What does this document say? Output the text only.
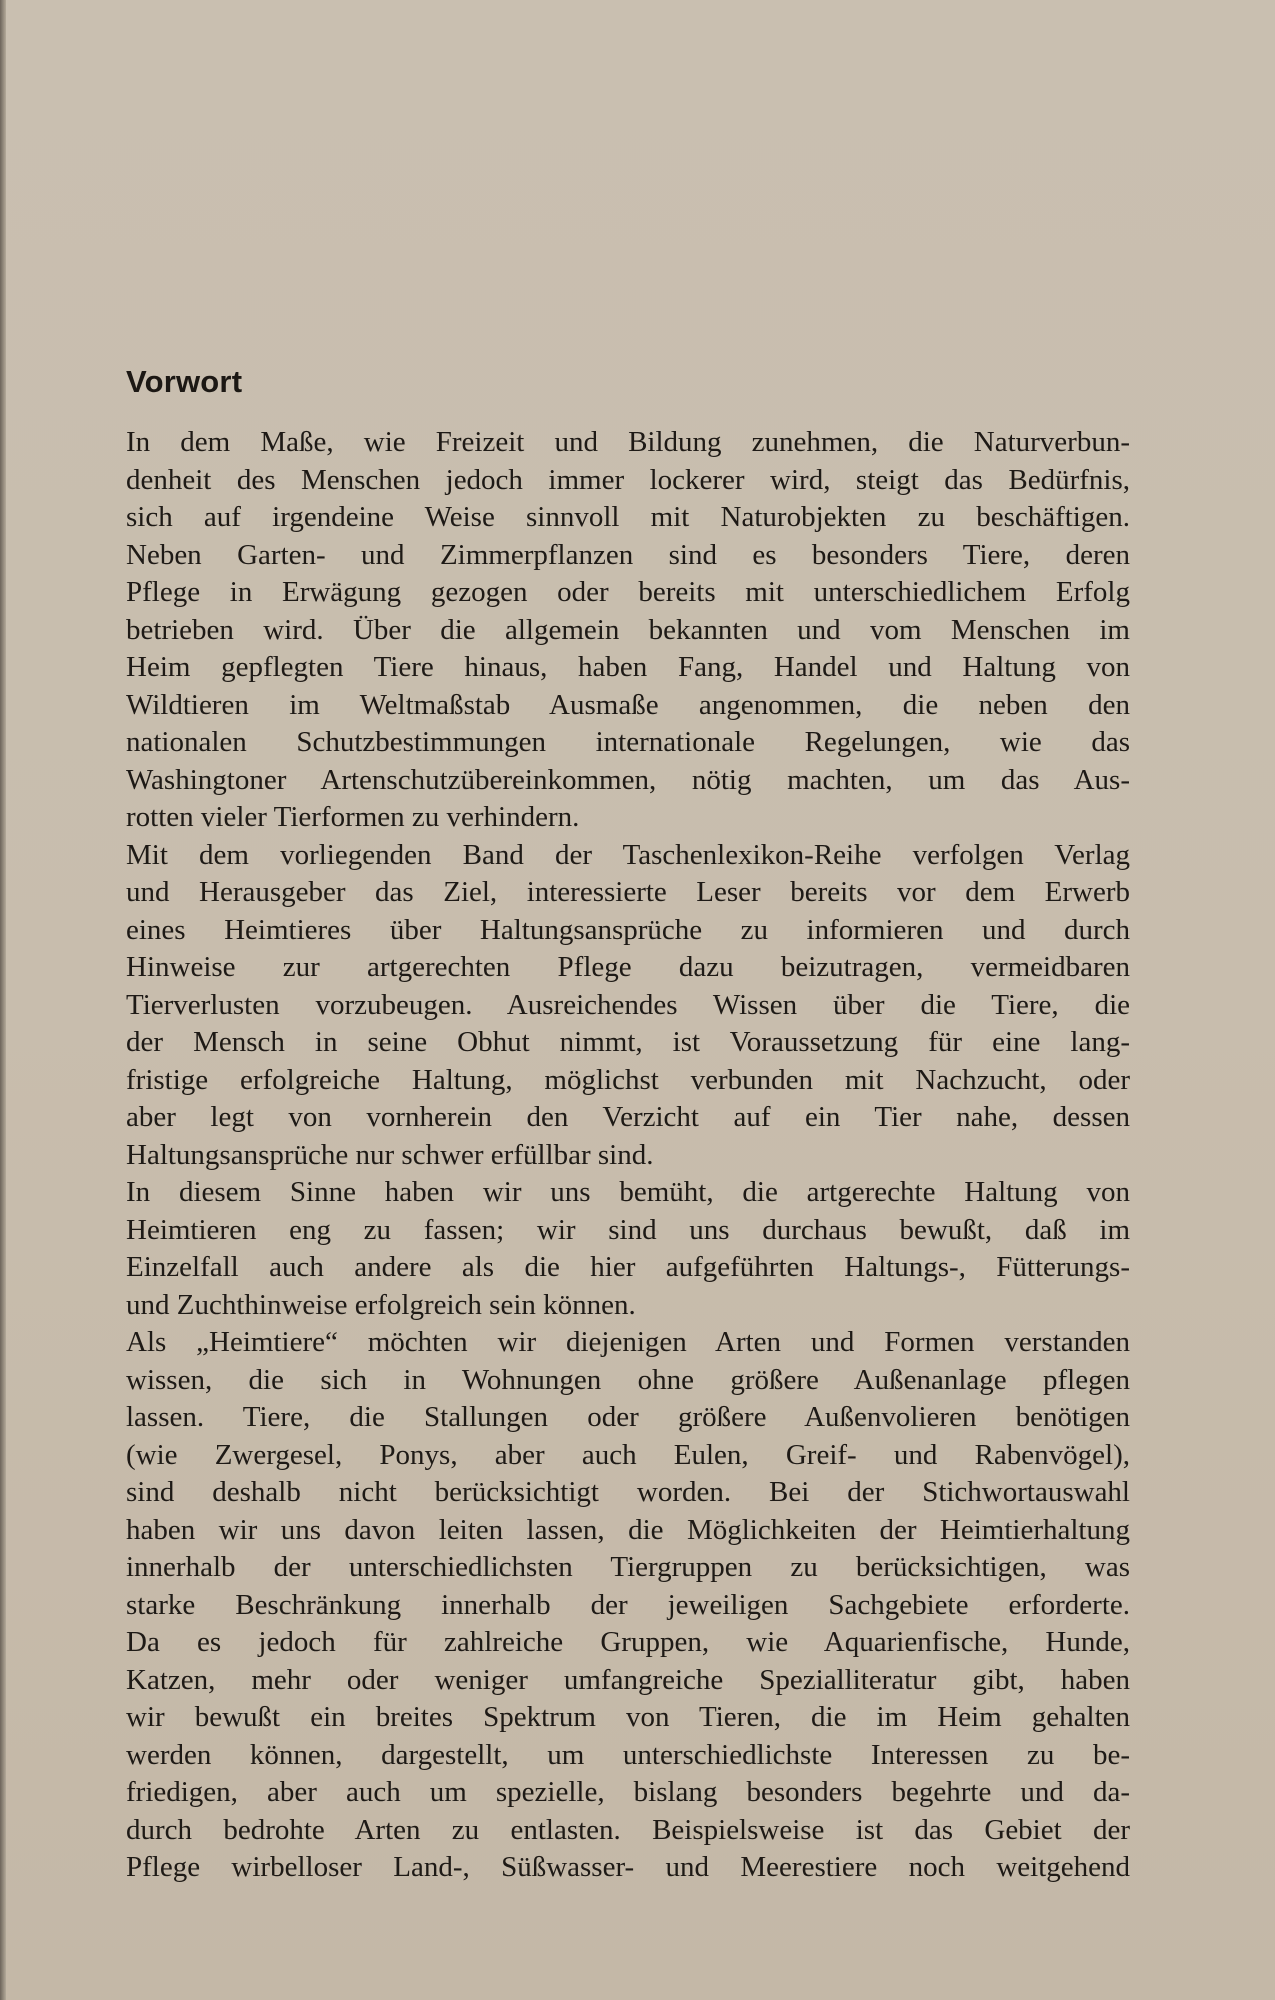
Vorwort
In dem Maße, wie Freizeit und Bildung zunehmen, die Naturverbun-
denheit des Menschen jedoch immer lockerer wird, steigt das Bedürfnis,
sich auf irgendeine Weise sinnvoll mit Naturobjekten zu beschäftigen.
Neben Garten- und Zimmerpflanzen sind es besonders Tiere, deren
Pflege in Erwägung gezogen oder bereits mit unterschiedlichem Erfolg
betrieben wird. Über die allgemein bekannten und vom Menschen im
Heim gepflegten Tiere hinaus, haben Fang, Handel und Haltung von
Wildtieren im Weltmaßstab Ausmaße angenommen, die neben den
nationalen Schutzbestimmungen internationale Regelungen, wie das
Washingtoner Artenschutzübereinkommen, nötig machten, um das Aus-
rotten vieler Tierformen zu verhindern.
Mit dem vorliegenden Band der Taschenlexikon-Reihe verfolgen Verlag
und Herausgeber das Ziel, interessierte Leser bereits vor dem Erwerb
eines Heimtieres über Haltungsansprüche zu informieren und durch
Hinweise zur artgerechten Pflege dazu beizutragen, vermeidbaren
Tierverlusten vorzubeugen. Ausreichendes Wissen über die Tiere, die
der Mensch in seine Obhut nimmt, ist Voraussetzung für eine lang-
fristige erfolgreiche Haltung, möglichst verbunden mit Nachzucht, oder
aber legt von vornherein den Verzicht auf ein Tier nahe, dessen
Haltungsansprüche nur schwer erfüllbar sind.
In diesem Sinne haben wir uns bemüht, die artgerechte Haltung von
Heimtieren eng zu fassen; wir sind uns durchaus bewußt, daß im
Einzelfall auch andere als die hier aufgeführten Haltungs-, Fütterungs-
und Zuchthinweise erfolgreich sein können.
Als „Heimtiere“ möchten wir diejenigen Arten und Formen verstanden
wissen, die sich in Wohnungen ohne größere Außenanlage pflegen
lassen. Tiere, die Stallungen oder größere Außenvolieren benötigen
(wie Zwergesel, Ponys, aber auch Eulen, Greif- und Rabenvögel),
sind deshalb nicht berücksichtigt worden. Bei der Stichwortauswahl
haben wir uns davon leiten lassen, die Möglichkeiten der Heimtierhaltung
innerhalb der unterschiedlichsten Tiergruppen zu berücksichtigen, was
starke Beschränkung innerhalb der jeweiligen Sachgebiete erforderte.
Da es jedoch für zahlreiche Gruppen, wie Aquarienfische, Hunde,
Katzen, mehr oder weniger umfangreiche Spezialliteratur gibt, haben
wir bewußt ein breites Spektrum von Tieren, die im Heim gehalten
werden können, dargestellt, um unterschiedlichste Interessen zu be-
friedigen, aber auch um spezielle, bislang besonders begehrte und da-
durch bedrohte Arten zu entlasten. Beispielsweise ist das Gebiet der
Pflege wirbelloser Land-, Süßwasser- und Meerestiere noch weitgehend
